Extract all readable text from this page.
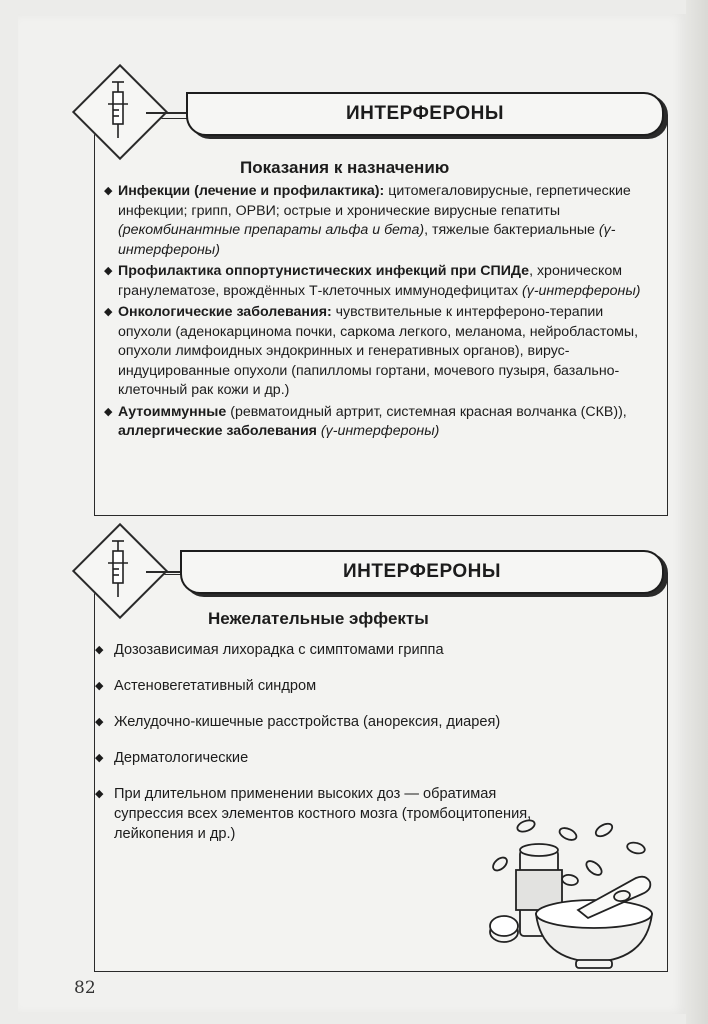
ИНТЕРФЕРОНЫ
Показания к назначению
◆ Инфекции (лечение и профилактика): цитомегаловирусные, герпетические инфекции; грипп, ОРВИ; острые и хронические вирусные гепатиты (рекомбинантные препараты альфа и бета), тяжелые бактериальные (γ-интерфероны)
◆ Профилактика оппортунистических инфекций при СПИДе, хроническом гранулематозе, врождённых Т-клеточных иммунодефицитах (γ-интерфероны)
◆ Онкологические заболевания: чувствительные к интерфероно-терапии опухоли (аденокарцинома почки, саркома легкого, меланома, нейробластомы, опухоли лимфоидных эндокринных и генеративных органов), вирус-индуцированные опухоли (папилломы гортани, мочевого пузыря, базально-клеточный рак кожи и др.)
◆ Аутоиммунные (ревматоидный артрит, системная красная волчанка (СКВ)), аллергические заболевания (γ-интерфероны)
ИНТЕРФЕРОНЫ
Нежелательные эффекты
◆ Дозозависимая лихорадка с симптомами гриппа
◆ Астеновегетативный синдром
◆ Желудочно-кишечные расстройства (анорексия, диарея)
◆ Дерматологические
◆ При длительном применении высоких доз — обратимая супрессия всех элементов костного мозга (тромбоцитопения, лейкопения и др.)
82
